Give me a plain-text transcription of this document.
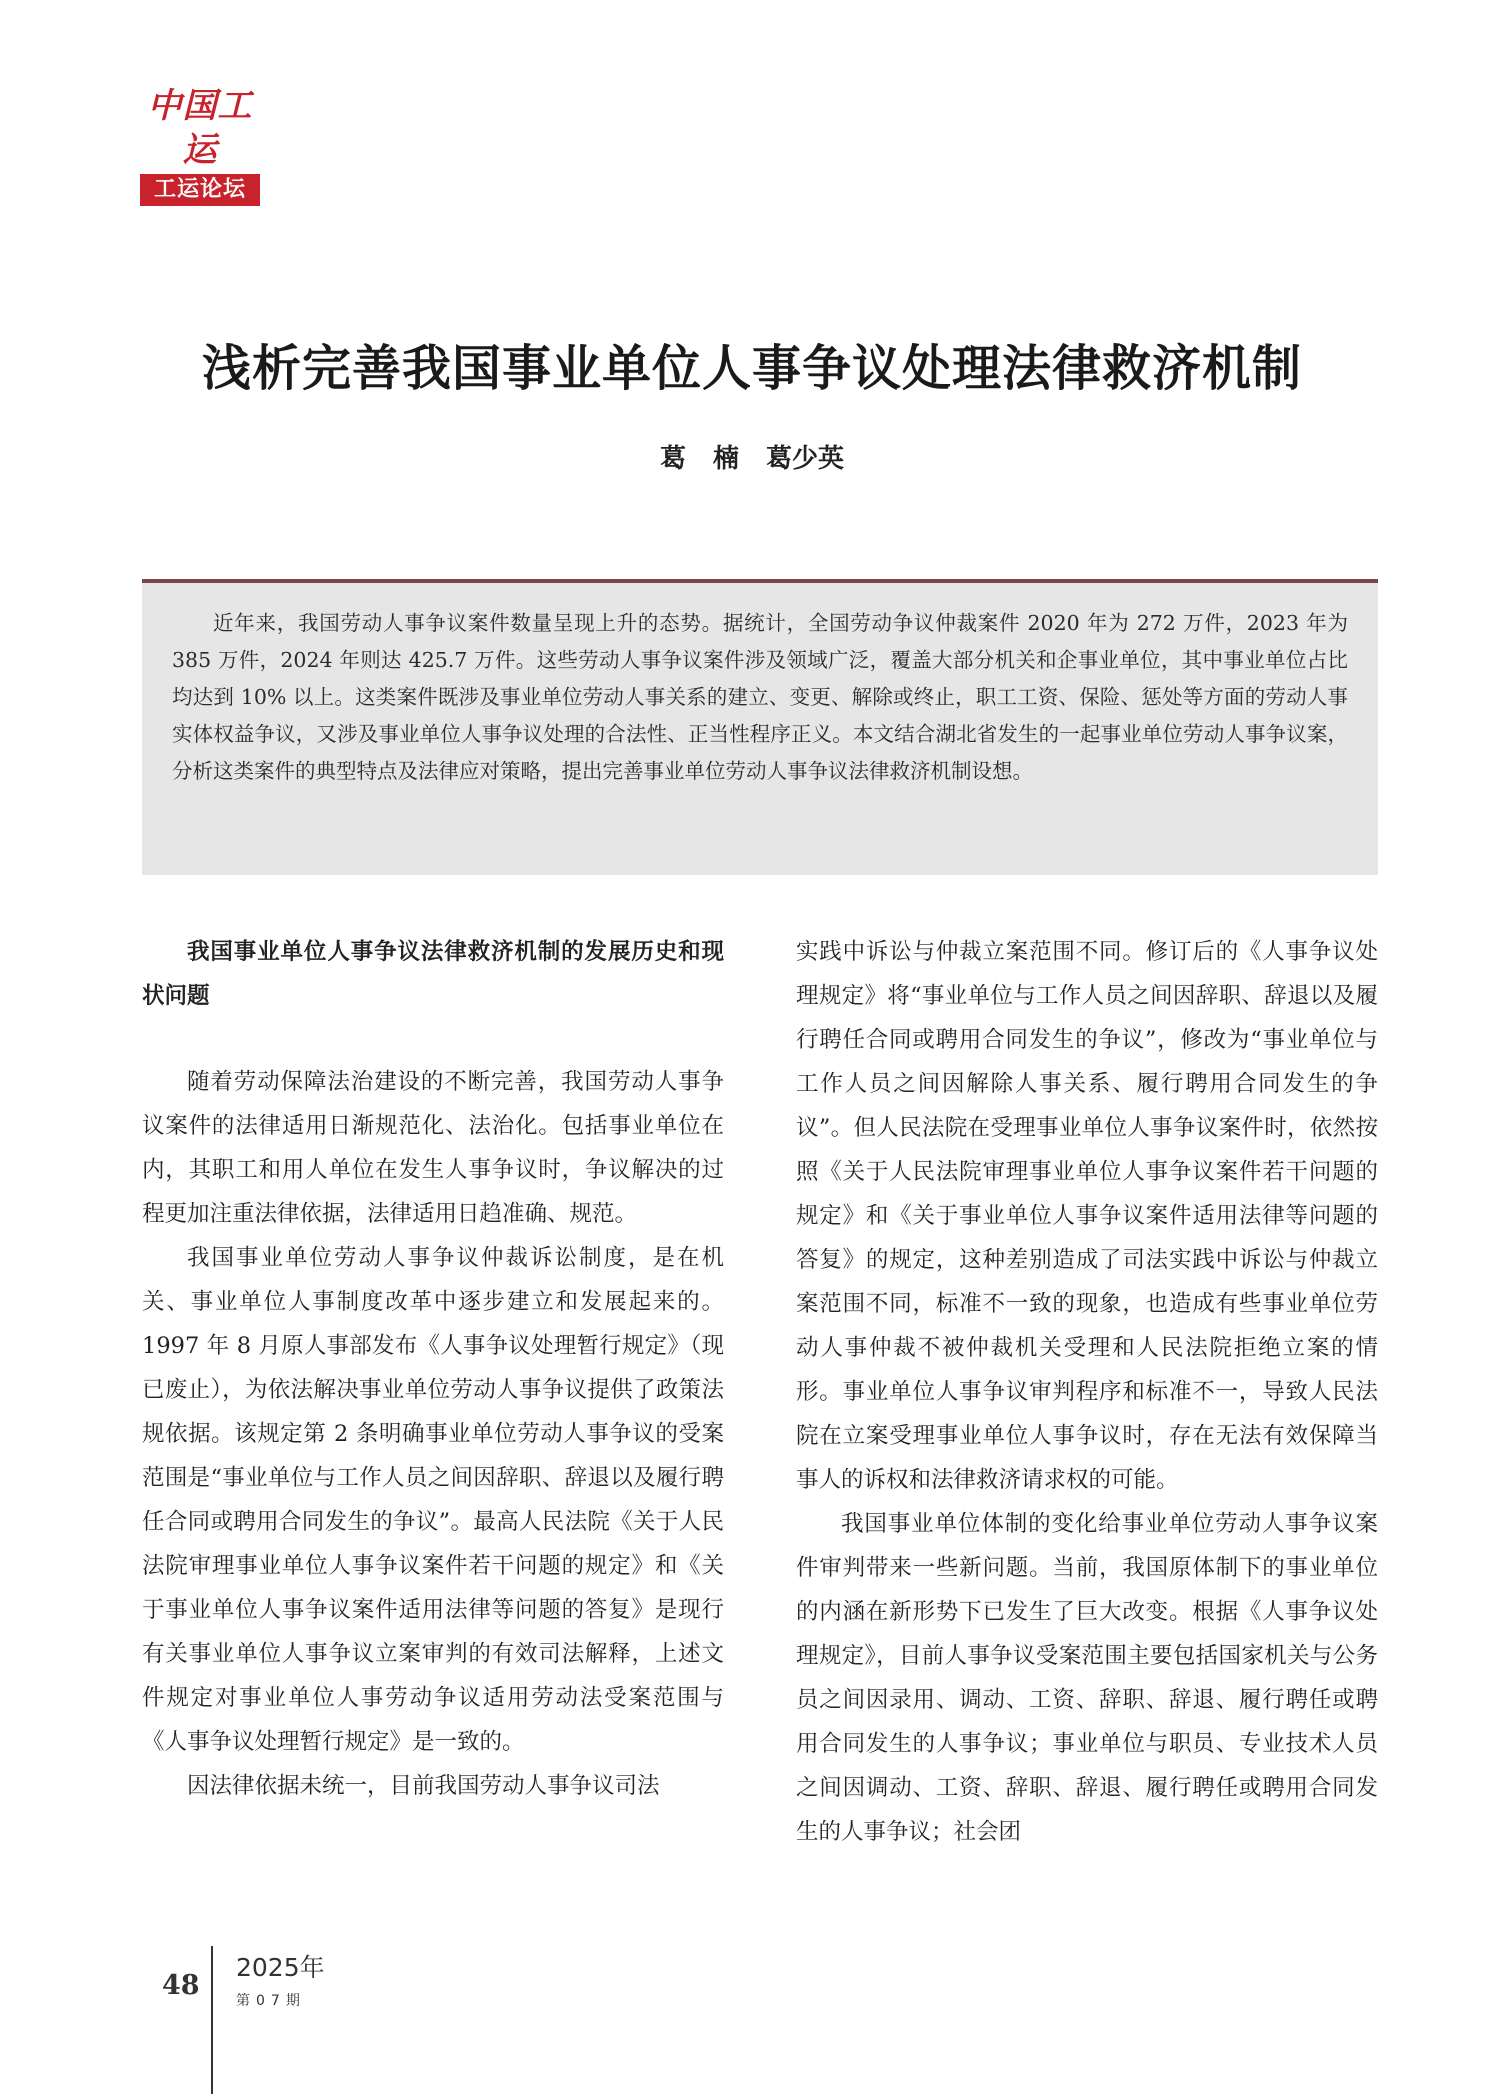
中国工运
工运论坛
浅析完善我国事业单位人事争议处理法律救济机制

葛 楠 葛少英

近年来，我国劳动人事争议案件数量呈现上升的态势。据统计，全国劳动争议仲裁案件 2020 年为 272 万件，2023 年为 385 万件，2024 年则达 425.7 万件。这些劳动人事争议案件涉及领域广泛，覆盖大部分机关和企事业单位，其中事业单位占比均达到 10% 以上。这类案件既涉及事业单位劳动人事关系的建立、变更、解除或终止，职工工资、保险、惩处等方面的劳动人事实体权益争议，又涉及事业单位人事争议处理的合法性、正当性程序正义。本文结合湖北省发生的一起事业单位劳动人事争议案，分析这类案件的典型特点及法律应对策略，提出完善事业单位劳动人事争议法律救济机制设想。

我国事业单位人事争议法律救济机制的发展历史和现状问题

随着劳动保障法治建设的不断完善，我国劳动人事争议案件的法律适用日渐规范化、法治化。包括事业单位在内，其职工和用人单位在发生人事争议时，争议解决的过程更加注重法律依据，法律适用日趋准确、规范。

我国事业单位劳动人事争议仲裁诉讼制度，是在机关、事业单位人事制度改革中逐步建立和发展起来的。1997 年 8 月原人事部发布《人事争议处理暂行规定》（现已废止），为依法解决事业单位劳动人事争议提供了政策法规依据。该规定第 2 条明确事业单位劳动人事争议的受案范围是“事业单位与工作人员之间因辞职、辞退以及履行聘任合同或聘用合同发生的争议”。最高人民法院《关于人民法院审理事业单位人事争议案件若干问题的规定》和《关于事业单位人事争议案件适用法律等问题的答复》是现行有关事业单位人事争议立案审判的有效司法解释，上述文件规定对事业单位人事劳动争议适用劳动法受案范围与《人事争议处理暂行规定》是一致的。

因法律依据未统一，目前我国劳动人事争议司法

实践中诉讼与仲裁立案范围不同。修订后的《人事争议处理规定》将“事业单位与工作人员之间因辞职、辞退以及履行聘任合同或聘用合同发生的争议”，修改为“事业单位与工作人员之间因解除人事关系、履行聘用合同发生的争议”。但人民法院在受理事业单位人事争议案件时，依然按照《关于人民法院审理事业单位人事争议案件若干问题的规定》和《关于事业单位人事争议案件适用法律等问题的答复》的规定，这种差别造成了司法实践中诉讼与仲裁立案范围不同，标准不一致的现象，也造成有些事业单位劳动人事仲裁不被仲裁机关受理和人民法院拒绝立案的情形。事业单位人事争议审判程序和标准不一，导致人民法院在立案受理事业单位人事争议时，存在无法有效保障当事人的诉权和法律救济请求权的可能。

我国事业单位体制的变化给事业单位劳动人事争议案件审判带来一些新问题。当前，我国原体制下的事业单位的内涵在新形势下已发生了巨大改变。根据《人事争议处理规定》，目前人事争议受案范围主要包括国家机关与公务员之间因录用、调动、工资、辞职、辞退、履行聘任或聘用合同发生的人事争议；事业单位与职员、专业技术人员之间因调动、工资、辞职、辞退、履行聘任或聘用合同发生的人事争议；社会团

48
2025年
第07期
